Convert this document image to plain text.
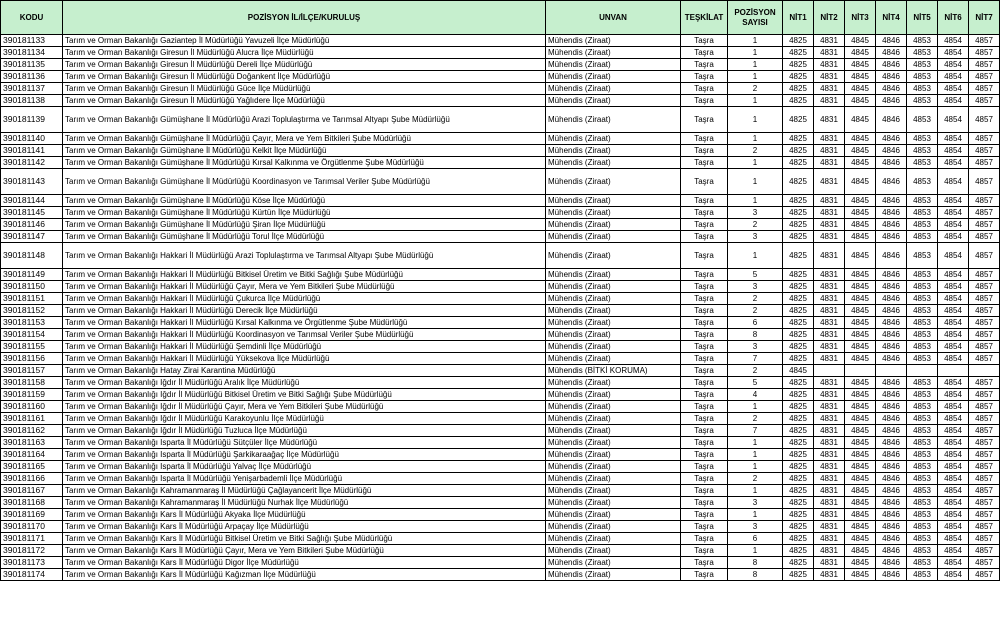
KODU	POZİSYON İL/İLÇE/KURULUŞ	UNVAN	TEŞKİLAT	POZİSYON SAYISI	NİT1	NİT2	NİT3	NİT4	NİT5	NİT6	NİT7
390181133	Tarım ve Orman Bakanlığı Gaziantep İl Müdürlüğü Yavuzeli İlçe Müdürlüğü	Mühendis (Ziraat)	Taşra	1	4825	4831	4845	4846	4853	4854	4857
390181134	Tarım ve Orman Bakanlığı Giresun İl Müdürlüğü Alucra İlçe Müdürlüğü	Mühendis (Ziraat)	Taşra	1	4825	4831	4845	4846	4853	4854	4857
390181135	Tarım ve Orman Bakanlığı Giresun İl Müdürlüğü Dereli İlçe Müdürlüğü	Mühendis (Ziraat)	Taşra	1	4825	4831	4845	4846	4853	4854	4857
390181136	Tarım ve Orman Bakanlığı Giresun İl Müdürlüğü Doğankent İlçe Müdürlüğü	Mühendis (Ziraat)	Taşra	1	4825	4831	4845	4846	4853	4854	4857
390181137	Tarım ve Orman Bakanlığı Giresun İl Müdürlüğü Güce İlçe Müdürlüğü	Mühendis (Ziraat)	Taşra	2	4825	4831	4845	4846	4853	4854	4857
390181138	Tarım ve Orman Bakanlığı Giresun İl Müdürlüğü Yağlıdere İlçe Müdürlüğü	Mühendis (Ziraat)	Taşra	1	4825	4831	4845	4846	4853	4854	4857
390181139	Tarım ve Orman Bakanlığı Gümüşhane İl Müdürlüğü Arazi Toplulaştırma ve Tarımsal Altyapı Şube Müdürlüğü	Mühendis (Ziraat)	Taşra	1	4825	4831	4845	4846	4853	4854	4857
390181140	Tarım ve Orman Bakanlığı Gümüşhane İl Müdürlüğü Çayır, Mera ve Yem Bitkileri Şube Müdürlüğü	Mühendis (Ziraat)	Taşra	1	4825	4831	4845	4846	4853	4854	4857
390181141	Tarım ve Orman Bakanlığı Gümüşhane İl Müdürlüğü Kelkit İlçe Müdürlüğü	Mühendis (Ziraat)	Taşra	2	4825	4831	4845	4846	4853	4854	4857
390181142	Tarım ve Orman Bakanlığı Gümüşhane İl Müdürlüğü Kırsal Kalkınma ve Örgütlenme Şube Müdürlüğü	Mühendis (Ziraat)	Taşra	1	4825	4831	4845	4846	4853	4854	4857
390181143	Tarım ve Orman Bakanlığı Gümüşhane İl Müdürlüğü Koordinasyon ve Tarımsal Veriler Şube Müdürlüğü	Mühendis (Ziraat)	Taşra	1	4825	4831	4845	4846	4853	4854	4857
390181144	Tarım ve Orman Bakanlığı Gümüşhane İl Müdürlüğü Köse İlçe Müdürlüğü	Mühendis (Ziraat)	Taşra	1	4825	4831	4845	4846	4853	4854	4857
390181145	Tarım ve Orman Bakanlığı Gümüşhane İl Müdürlüğü Kürtün İlçe Müdürlüğü	Mühendis (Ziraat)	Taşra	3	4825	4831	4845	4846	4853	4854	4857
390181146	Tarım ve Orman Bakanlığı Gümüşhane İl Müdürlüğü Şiran İlçe Müdürlüğü	Mühendis (Ziraat)	Taşra	2	4825	4831	4845	4846	4853	4854	4857
390181147	Tarım ve Orman Bakanlığı Gümüşhane İl Müdürlüğü Torul İlçe Müdürlüğü	Mühendis (Ziraat)	Taşra	3	4825	4831	4845	4846	4853	4854	4857
390181148	Tarım ve Orman Bakanlığı Hakkari İl Müdürlüğü Arazi Toplulaştırma ve Tarımsal Altyapı Şube Müdürlüğü	Mühendis (Ziraat)	Taşra	1	4825	4831	4845	4846	4853	4854	4857
390181149	Tarım ve Orman Bakanlığı Hakkari İl Müdürlüğü Bitkisel Üretim ve Bitki Sağlığı Şube Müdürlüğü	Mühendis (Ziraat)	Taşra	5	4825	4831	4845	4846	4853	4854	4857
390181150	Tarım ve Orman Bakanlığı Hakkari İl Müdürlüğü Çayır, Mera ve Yem Bitkileri Şube Müdürlüğü	Mühendis (Ziraat)	Taşra	3	4825	4831	4845	4846	4853	4854	4857
390181151	Tarım ve Orman Bakanlığı Hakkari İl Müdürlüğü Çukurca İlçe Müdürlüğü	Mühendis (Ziraat)	Taşra	2	4825	4831	4845	4846	4853	4854	4857
390181152	Tarım ve Orman Bakanlığı Hakkari İl Müdürlüğü Derecik İlçe Müdürlüğü	Mühendis (Ziraat)	Taşra	2	4825	4831	4845	4846	4853	4854	4857
390181153	Tarım ve Orman Bakanlığı Hakkari İl Müdürlüğü Kırsal Kalkınma ve Örgütlenme Şube Müdürlüğü	Mühendis (Ziraat)	Taşra	6	4825	4831	4845	4846	4853	4854	4857
390181154	Tarım ve Orman Bakanlığı Hakkari İl Müdürlüğü Koordinasyon ve Tarımsal Veriler Şube Müdürlüğü	Mühendis (Ziraat)	Taşra	8	4825	4831	4845	4846	4853	4854	4857
390181155	Tarım ve Orman Bakanlığı Hakkari İl Müdürlüğü Şemdinli İlçe Müdürlüğü	Mühendis (Ziraat)	Taşra	3	4825	4831	4845	4846	4853	4854	4857
390181156	Tarım ve Orman Bakanlığı Hakkari İl Müdürlüğü Yüksekova İlçe Müdürlüğü	Mühendis (Ziraat)	Taşra	7	4825	4831	4845	4846	4853	4854	4857
390181157	Tarım ve Orman Bakanlığı Hatay Zirai Karantina Müdürlüğü	Mühendis (BİTKİ KORUMA)	Taşra	2	4845						
390181158	Tarım ve Orman Bakanlığı Iğdır İl Müdürlüğü Aralık İlçe Müdürlüğü	Mühendis (Ziraat)	Taşra	5	4825	4831	4845	4846	4853	4854	4857
390181159	Tarım ve Orman Bakanlığı Iğdır İl Müdürlüğü Bitkisel Üretim ve Bitki Sağlığı Şube Müdürlüğü	Mühendis (Ziraat)	Taşra	4	4825	4831	4845	4846	4853	4854	4857
390181160	Tarım ve Orman Bakanlığı Iğdır İl Müdürlüğü Çayır, Mera ve Yem Bitkileri Şube Müdürlüğü	Mühendis (Ziraat)	Taşra	1	4825	4831	4845	4846	4853	4854	4857
390181161	Tarım ve Orman Bakanlığı Iğdır İl Müdürlüğü Karakoyunlu İlçe Müdürlüğü	Mühendis (Ziraat)	Taşra	2	4825	4831	4845	4846	4853	4854	4857
390181162	Tarım ve Orman Bakanlığı Iğdır İl Müdürlüğü Tuzluca İlçe Müdürlüğü	Mühendis (Ziraat)	Taşra	7	4825	4831	4845	4846	4853	4854	4857
390181163	Tarım ve Orman Bakanlığı Isparta İl Müdürlüğü Sütçüler İlçe Müdürlüğü	Mühendis (Ziraat)	Taşra	1	4825	4831	4845	4846	4853	4854	4857
390181164	Tarım ve Orman Bakanlığı Isparta İl Müdürlüğü Şarkikaraağaç İlçe Müdürlüğü	Mühendis (Ziraat)	Taşra	1	4825	4831	4845	4846	4853	4854	4857
390181165	Tarım ve Orman Bakanlığı Isparta İl Müdürlüğü Yalvaç İlçe Müdürlüğü	Mühendis (Ziraat)	Taşra	1	4825	4831	4845	4846	4853	4854	4857
390181166	Tarım ve Orman Bakanlığı Isparta İl Müdürlüğü Yenişarbademli İlçe Müdürlüğü	Mühendis (Ziraat)	Taşra	2	4825	4831	4845	4846	4853	4854	4857
390181167	Tarım ve Orman Bakanlığı Kahramanmaraş İl Müdürlüğü Çağlayancerit İlçe Müdürlüğü	Mühendis (Ziraat)	Taşra	1	4825	4831	4845	4846	4853	4854	4857
390181168	Tarım ve Orman Bakanlığı Kahramanmaraş İl Müdürlüğü Nurhak İlçe Müdürlüğü	Mühendis (Ziraat)	Taşra	3	4825	4831	4845	4846	4853	4854	4857
390181169	Tarım ve Orman Bakanlığı Kars İl Müdürlüğü Akyaka İlçe Müdürlüğü	Mühendis (Ziraat)	Taşra	1	4825	4831	4845	4846	4853	4854	4857
390181170	Tarım ve Orman Bakanlığı Kars İl Müdürlüğü Arpaçay İlçe Müdürlüğü	Mühendis (Ziraat)	Taşra	3	4825	4831	4845	4846	4853	4854	4857
390181171	Tarım ve Orman Bakanlığı Kars İl Müdürlüğü Bitkisel Üretim ve Bitki Sağlığı Şube Müdürlüğü	Mühendis (Ziraat)	Taşra	6	4825	4831	4845	4846	4853	4854	4857
390181172	Tarım ve Orman Bakanlığı Kars İl Müdürlüğü Çayır, Mera ve Yem Bitkileri Şube Müdürlüğü	Mühendis (Ziraat)	Taşra	1	4825	4831	4845	4846	4853	4854	4857
390181173	Tarım ve Orman Bakanlığı Kars İl Müdürlüğü Digor İlçe Müdürlüğü	Mühendis (Ziraat)	Taşra	8	4825	4831	4845	4846	4853	4854	4857
390181174	Tarım ve Orman Bakanlığı Kars İl Müdürlüğü Kağızman İlçe Müdürlüğü	Mühendis (Ziraat)	Taşra	8	4825	4831	4845	4846	4853	4854	4857
